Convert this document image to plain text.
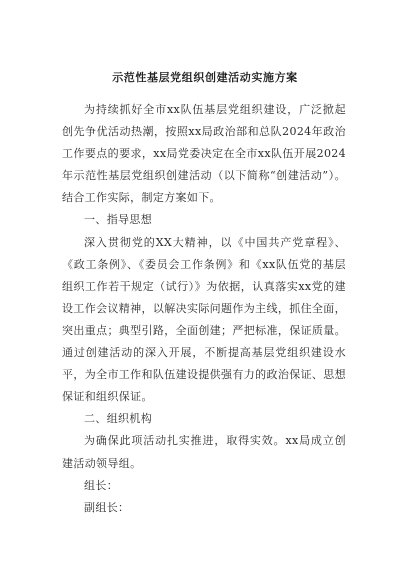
示范性基层党组织创建活动实施方案

为持续抓好全市xx队伍基层党组织建设，广泛掀起创先争优活动热潮，按照xx局政治部和总队2024年政治工作要点的要求，xx局党委决定在全市xx队伍开展2024年示范性基层党组织创建活动（以下简称“创建活动”）。结合工作实际，制定方案如下。

一、指导思想

深入贯彻党的XX大精神，以《中国共产党章程》、《政工条例》、《委员会工作条例》和《xx队伍党的基层组织工作若干规定（试行）》为依据，认真落实xx党的建设工作会议精神，以解决实际问题作为主线，抓住全面，突出重点；典型引路，全面创建；严把标准，保证质量。通过创建活动的深入开展，不断提高基层党组织建设水平，为全市工作和队伍建设提供强有力的政治保证、思想保证和组织保证。

二、组织机构

为确保此项活动扎实推进，取得实效。xx局成立创建活动领导组。

组长：

副组长：
